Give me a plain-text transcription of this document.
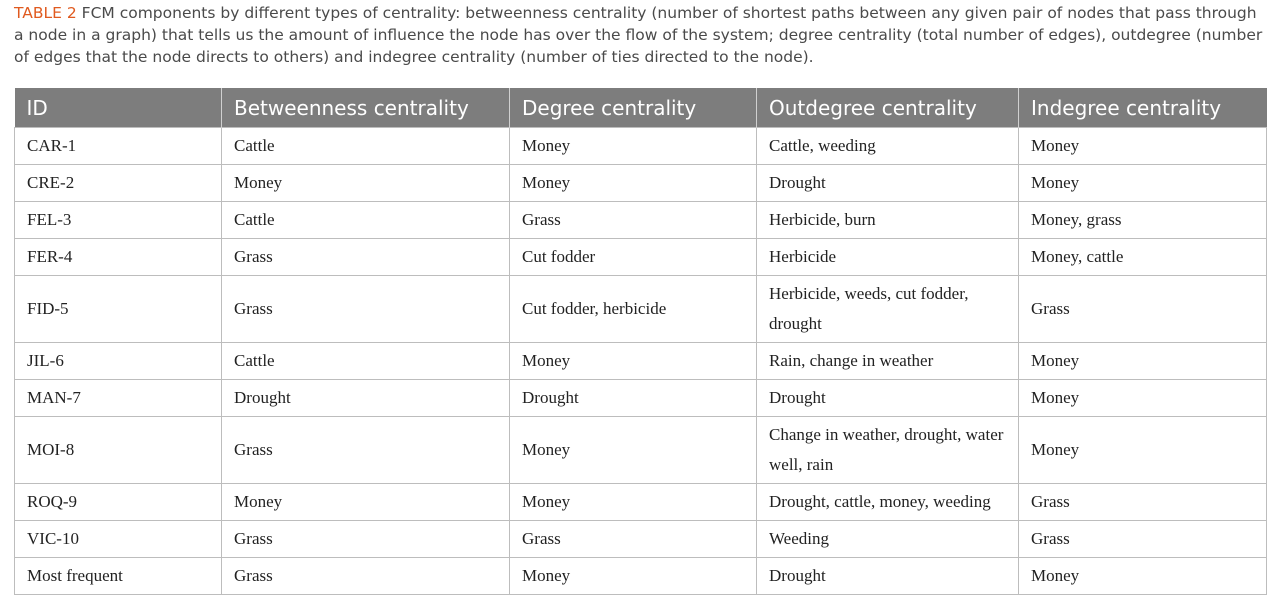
TABLE 2 FCM components by different types of centrality: betweenness centrality (number of shortest paths between any given pair of nodes that pass through a node in a graph) that tells us the amount of influence the node has over the flow of the system; degree centrality (total number of edges), outdegree (number of edges that the node directs to others) and indegree centrality (number of ties directed to the node).
ID	Betweenness centrality	Degree centrality	Outdegree centrality	Indegree centrality
CAR-1	Cattle	Money	Cattle, weeding	Money
CRE-2	Money	Money	Drought	Money
FEL-3	Cattle	Grass	Herbicide, burn	Money, grass
FER-4	Grass	Cut fodder	Herbicide	Money, cattle
FID-5	Grass	Cut fodder, herbicide	Herbicide, weeds, cut fodder, drought	Grass
JIL-6	Cattle	Money	Rain, change in weather	Money
MAN-7	Drought	Drought	Drought	Money
MOI-8	Grass	Money	Change in weather, drought, water well, rain	Money
ROQ-9	Money	Money	Drought, cattle, money, weeding	Grass
VIC-10	Grass	Grass	Weeding	Grass
Most frequent	Grass	Money	Drought	Money
